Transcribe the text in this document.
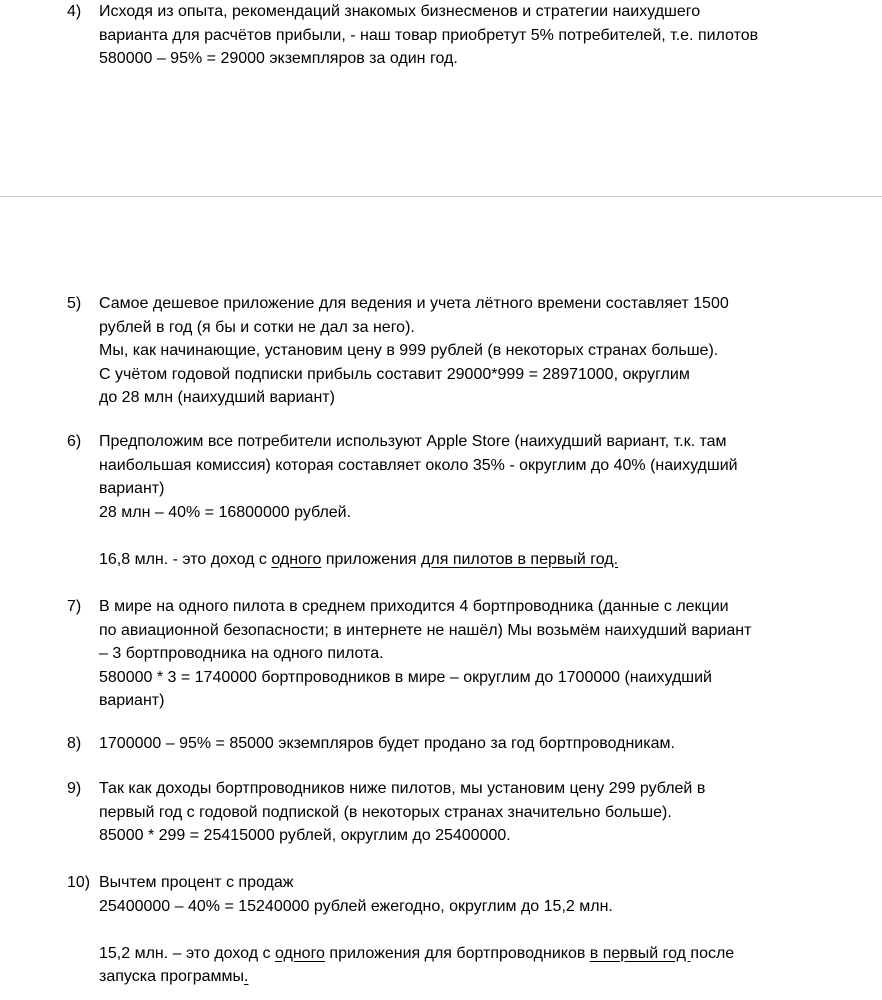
4) Исходя из опыта, рекомендаций знакомых бизнесменов и стратегии наихудшего
варианта для расчётов прибыли, - наш товар приобретут 5% потребителей, т.е. пилотов
580000 – 95% = 29000 экземпляров за один год.
5) Самое дешевое приложение для ведения и учета лётного времени составляет 1500
рублей в год (я бы и сотки не дал за него).
Мы, как начинающие, установим цену в 999 рублей (в некоторых странах больше).
С учётом годовой подписки прибыль составит 29000*999 = 28971000, округлим
до 28 млн (наихудший вариант)
6) Предположим все потребители используют Apple Store (наихудший вариант, т.к. там
наибольшая комиссия) которая составляет около 35% - округлим до 40% (наихудший
вариант)
28 млн – 40% = 16800000 рублей.
16,8 млн. - это доход с одного приложения для пилотов в первый год.
7) В мире на одного пилота в среднем приходится 4 бортпроводника (данные с лекции
по авиационной безопасности; в интернете не нашёл) Мы возьмём наихудший вариант
– 3 бортпроводника на одного пилота.
580000 * 3 = 1740000 бортпроводников в мире – округлим до 1700000 (наихудший
вариант)
8) 1700000 – 95% = 85000 экземпляров будет продано за год бортпроводникам.
9) Так как доходы бортпроводников ниже пилотов, мы установим цену 299 рублей в
первый год с годовой подпиской (в некоторых странах значительно больше).
85000 * 299 = 25415000 рублей, округлим до 25400000.
10) Вычтем процент с продаж
25400000 – 40% = 15240000 рублей ежегодно, округлим до 15,2 млн.
15,2 млн. – это доход с одного приложения для бортпроводников в первый год после
запуска программы.
